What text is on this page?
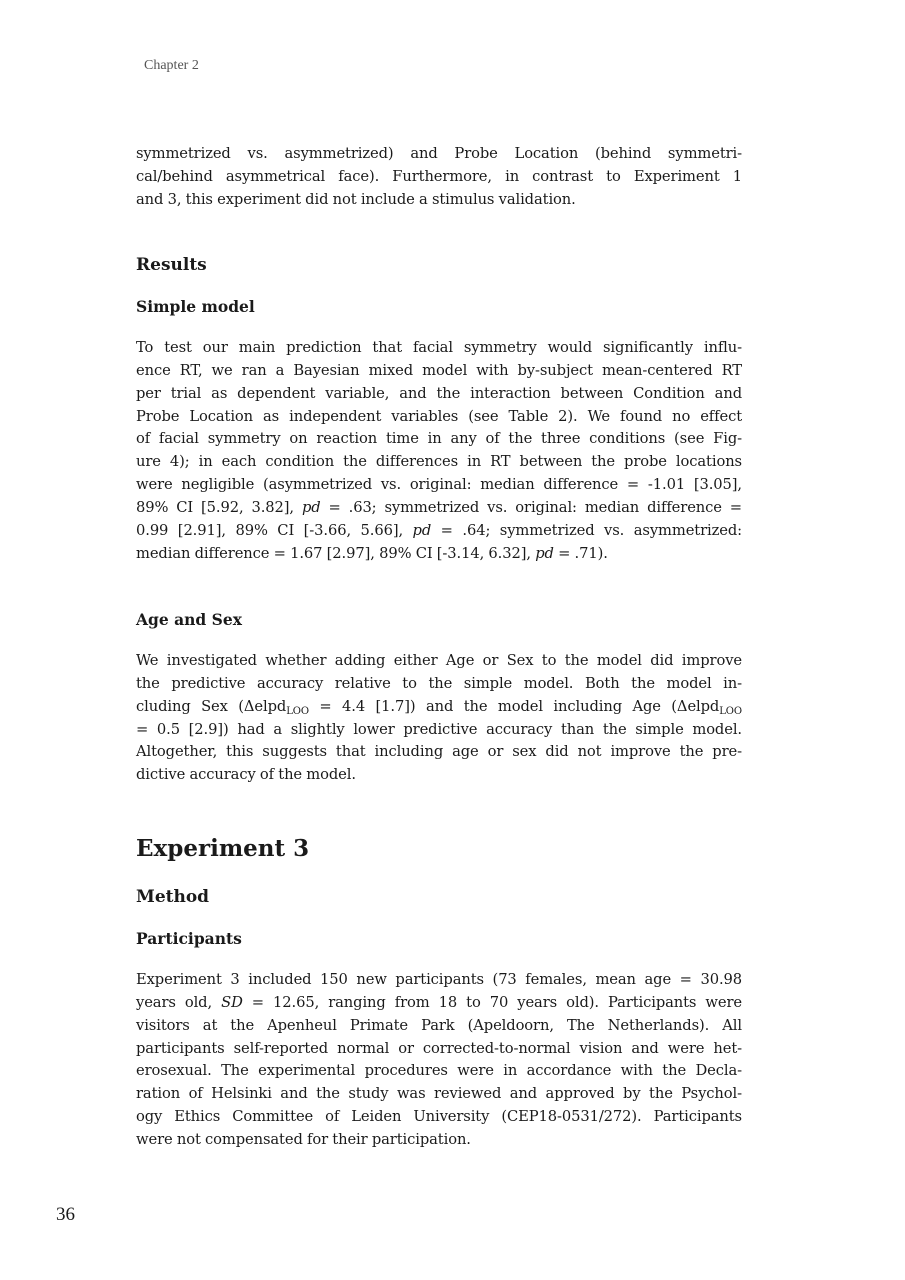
Chapter 2
symmetrized vs. asymmetrized) and Probe Location (behind symmetri-
cal/behind asymmetrical face). Furthermore, in contrast to Experiment 1
and 3, this experiment did not include a stimulus validation.
Results
Simple model
To test our main prediction that facial symmetry would significantly influ-
ence RT, we ran a Bayesian mixed model with by-subject mean-centered RT
per trial as dependent variable, and the interaction between Condition and
Probe Location as independent variables (see Table 2). We found no effect
of facial symmetry on reaction time in any of the three conditions (see Fig-
ure 4); in each condition the differences in RT between the probe locations
were negligible (asymmetrized vs. original: median difference = -1.01 [3.05],
89% CI [5.92, 3.82], pd = .63; symmetrized vs. original: median difference =
0.99 [2.91], 89% CI [-3.66, 5.66], pd = .64; symmetrized vs. asymmetrized:
median difference = 1.67 [2.97], 89% CI [-3.14, 6.32], pd = .71).
Age and Sex
We investigated whether adding either Age or Sex to the model did improve
the predictive accuracy relative to the simple model. Both the model in-
cluding Sex (Δelpd$_{LOO}$ = 4.4 [1.7]) and the model including Age (Δelpd$_{LOO}$
= 0.5 [2.9]) had a slightly lower predictive accuracy than the simple model.
Altogether, this suggests that including age or sex did not improve the pre-
dictive accuracy of the model.
Experiment 3
Method
Participants
Experiment 3 included 150 new participants (73 females, mean age = 30.98
years old, SD = 12.65, ranging from 18 to 70 years old). Participants were
visitors at the Apenheul Primate Park (Apeldoorn, The Netherlands). All
participants self-reported normal or corrected-to-normal vision and were het-
erosexual. The experimental procedures were in accordance with the Decla-
ration of Helsinki and the study was reviewed and approved by the Psychol-
ogy Ethics Committee of Leiden University (CEP18-0531/272). Participants
were not compensated for their participation.
36
